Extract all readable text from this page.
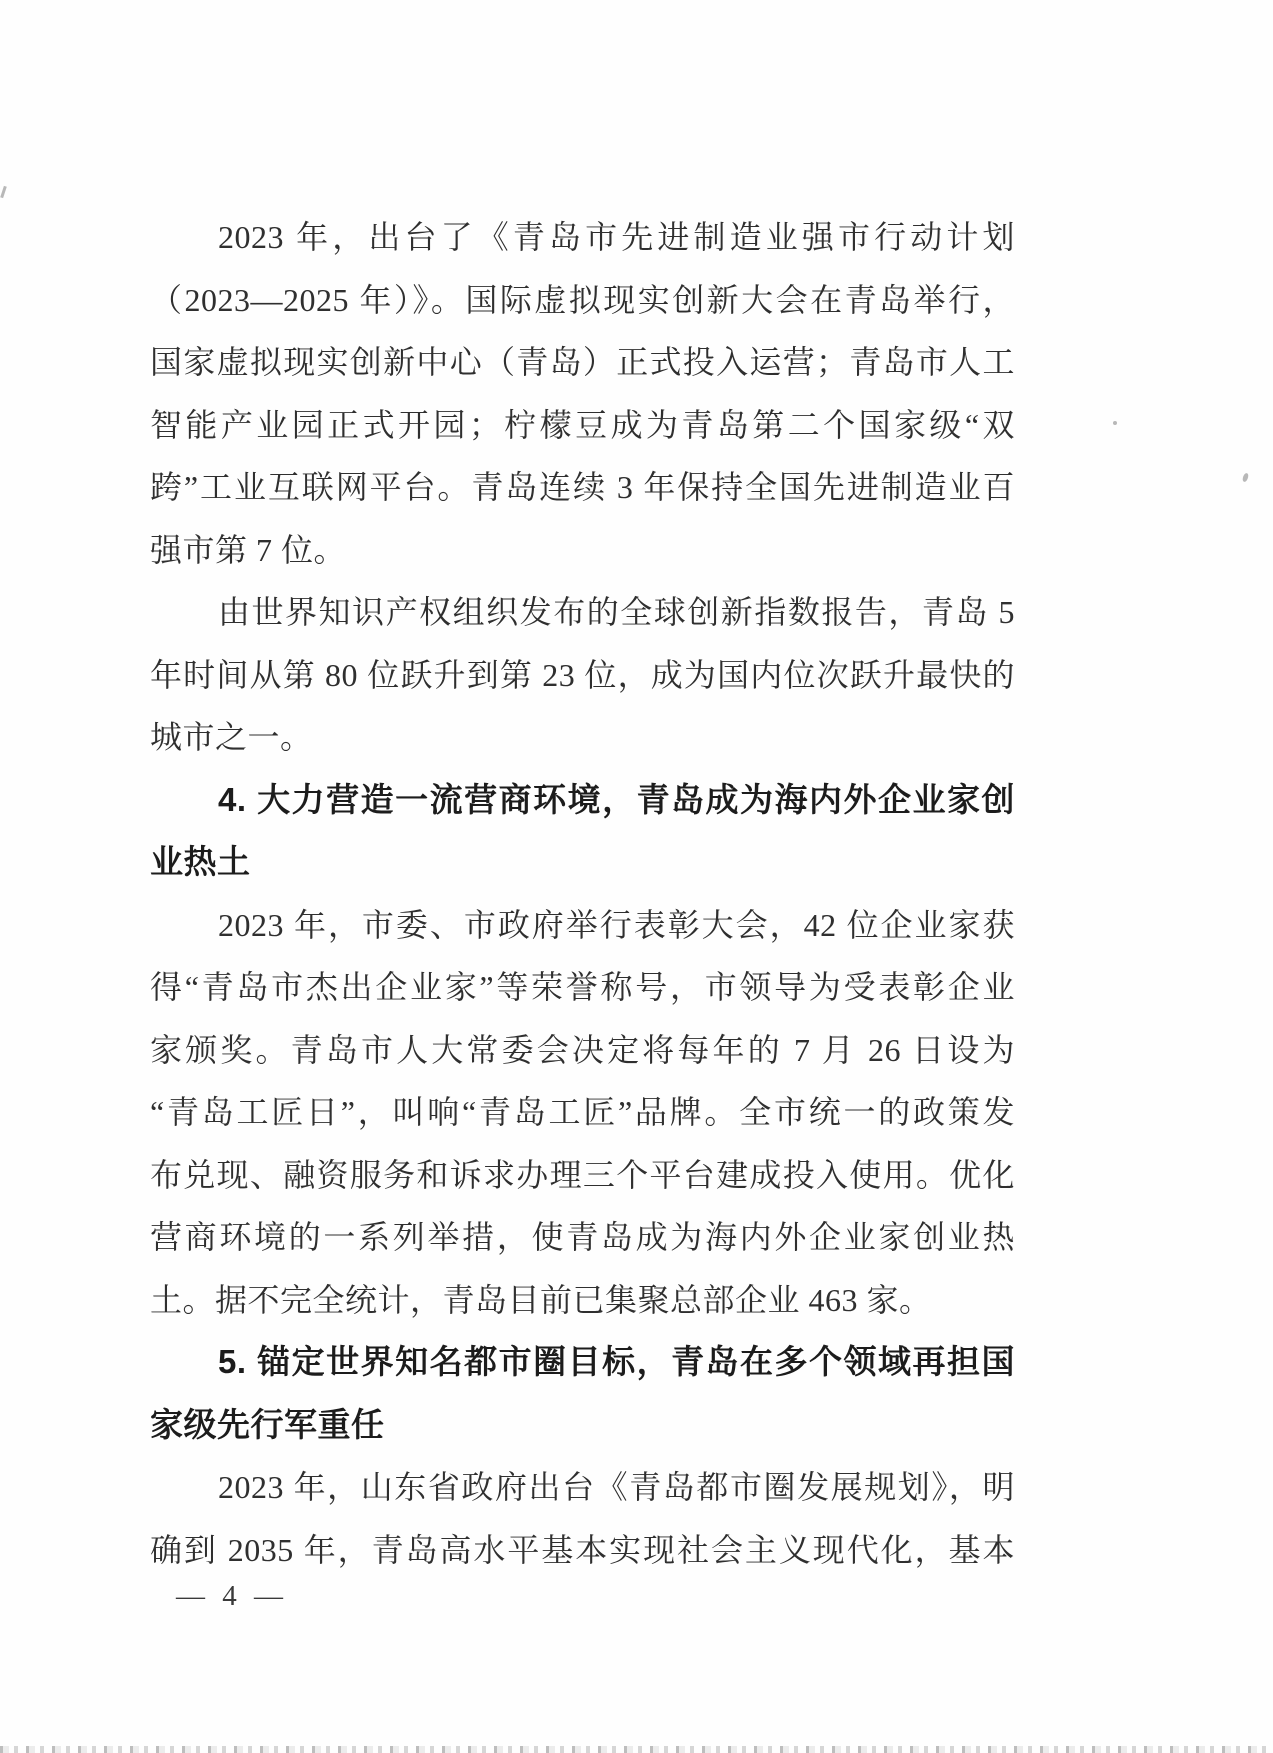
2023 年，出台了《青岛市先进制造业强市行动计划
（2023—2025 年）》。国际虚拟现实创新大会在青岛举行，
国家虚拟现实创新中心（青岛）正式投入运营；青岛市人工
智能产业园正式开园；柠檬豆成为青岛第二个国家级“双
跨”工业互联网平台。青岛连续 3 年保持全国先进制造业百
强市第 7 位。
由世界知识产权组织发布的全球创新指数报告，青岛 5
年时间从第 80 位跃升到第 23 位，成为国内位次跃升最快的
城市之一。
4. 大力营造一流营商环境，青岛成为海内外企业家创
业热土
2023 年，市委、市政府举行表彰大会，42 位企业家获
得“青岛市杰出企业家”等荣誉称号，市领导为受表彰企业
家颁奖。青岛市人大常委会决定将每年的 7 月 26 日设为
“青岛工匠日”，叫响“青岛工匠”品牌。全市统一的政策发
布兑现、融资服务和诉求办理三个平台建成投入使用。优化
营商环境的一系列举措，使青岛成为海内外企业家创业热
土。据不完全统计，青岛目前已集聚总部企业 463 家。
5. 锚定世界知名都市圈目标，青岛在多个领域再担国
家级先行军重任
2023 年，山东省政府出台《青岛都市圈发展规划》，明
确到 2035 年，青岛高水平基本实现社会主义现代化，基本
— 4 —
